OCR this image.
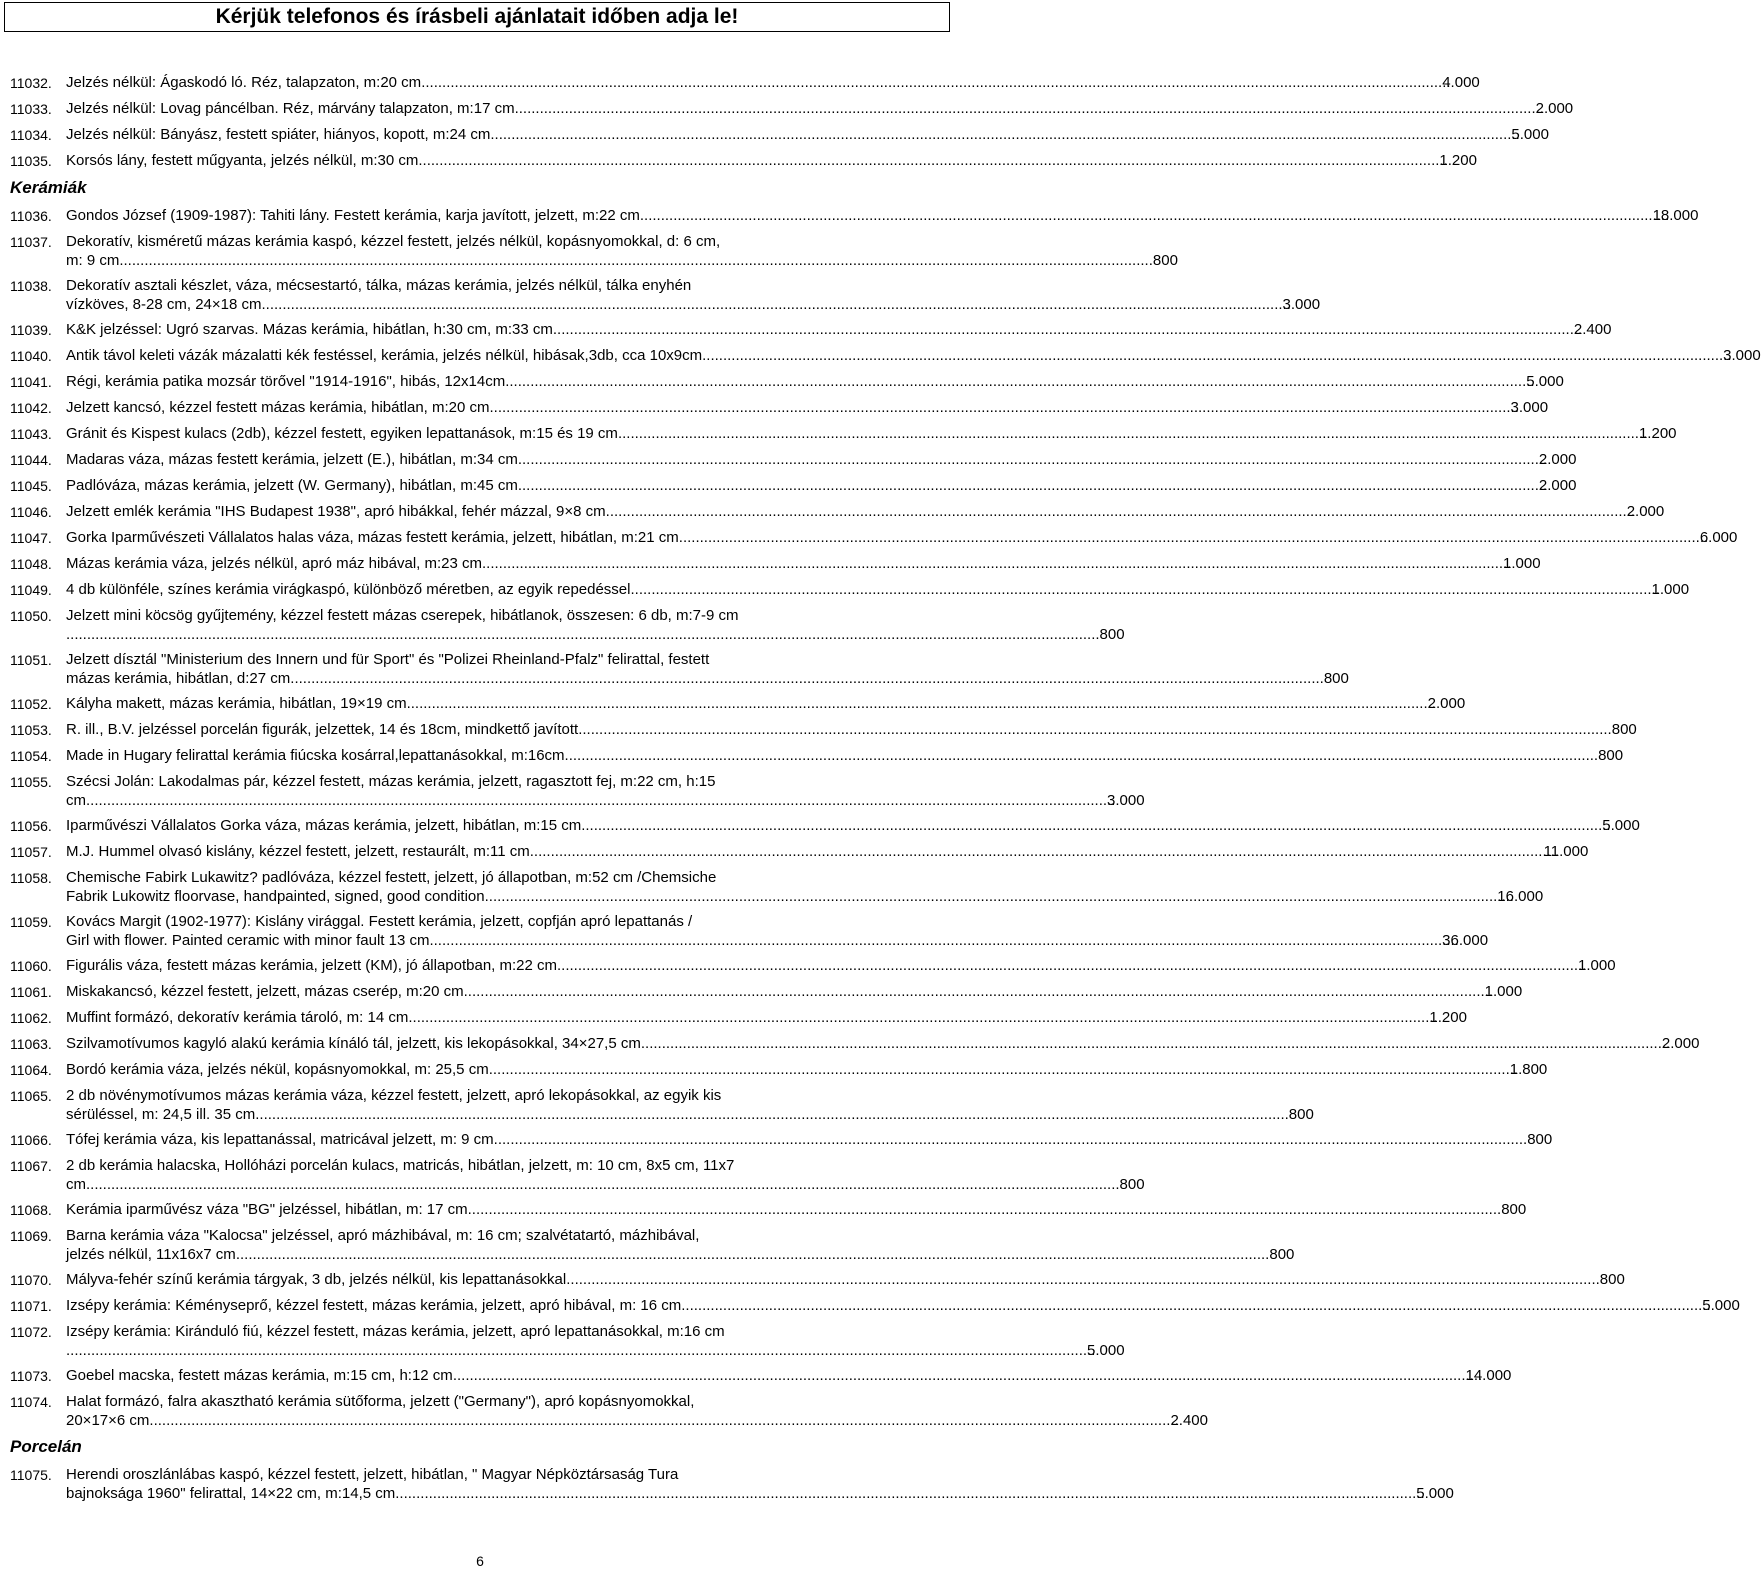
Kérjük telefonos és írásbeli ajánlatait időben adja le!
11032. Jelzés nélkül: Ágaskodó ló. Réz, talapzaton, m:20 cm .....	4 000
11033. Jelzés nélkül: Lovag páncélban. Réz, márvány talapzaton, m:17 cm .....	2 000
11034. Jelzés nélkül: Bányász, festett spiáter, hiányos, kopott, m:24 cm .....	5 000
11035. Korsós lány, festett műgyanta, jelzés nélkül, m:30 cm .....	1 200
Kerámiák
11036. Gondos József (1909-1987): Tahiti lány. Festett kerámia, karja javított, jelzett, m:22 cm .....	18 000
11037. Dekoratív, kisméretű mázas kerámia kaspó, kézzel festett, jelzés nélkül, kopásnyomokkal, d: 6 cm,
m: 9 cm .....	800
11038. Dekoratív asztali készlet, váza, mécsestartó, tálka, mázas kerámia, jelzés nélkül, tálka enyhén
vízköves, 8-28 cm, 24×18 cm .....	3 000
11039. K&K jelzéssel: Ugró szarvas. Mázas kerámia, hibátlan, h:30 cm, m:33 cm .....	2 400
11040. Antik távol keleti vázák mázalatti kék festéssel, kerámia, jelzés nélkül, hibásak,3db, cca 10x9cm .....	3 000
11041. Régi, kerámia patika mozsár törővel "1914-1916", hibás, 12x14cm .....	5 000
11042. Jelzett kancsó, kézzel festett mázas kerámia, hibátlan, m:20 cm .....	3 000
11043. Gránit és Kispest kulacs (2db), kézzel festett, egyiken lepattanások, m:15 és 19 cm .....	1 200
11044. Madaras váza, mázas festett kerámia, jelzett (E.), hibátlan, m:34 cm .....	2 000
11045. Padlóváza, mázas kerámia, jelzett (W. Germany), hibátlan, m:45 cm .....	2 000
11046. Jelzett emlék kerámia "IHS Budapest 1938", apró hibákkal, fehér mázzal, 9×8 cm .....	2 000
11047. Gorka Iparművészeti Vállalatos halas váza, mázas festett kerámia, jelzett, hibátlan, m:21 cm .....	6 000
11048. Mázas kerámia váza, jelzés nélkül, apró máz hibával, m:23 cm .....	1 000
11049. 4 db különféle, színes kerámia virágkaspó, különböző méretben, az egyik repedéssel .....	1 000
11050. Jelzett mini köcsög gyűjtemény, kézzel festett mázas cserepek, hibátlanok, összesen: 6 db, m:7-9 cm
.....
800
11051. Jelzett dísztál "Ministerium des Innern und für Sport" és "Polizei Rheinland-Pfalz" felirattal, festett
mázas kerámia, hibátlan, d:27 cm .....	800
11052. Kályha makett, mázas kerámia, hibátlan, 19×19 cm .....	2 000
11053. R. ill., B.V. jelzéssel porcelán figurák, jelzettek, 14 és 18cm, mindkettő javított .....	800
11054. Made in Hugary felirattal kerámia fiúcska kosárral,lepattanásokkal, m:16cm .....	800
11055. Szécsi Jolán: Lakodalmas pár, kézzel festett, mázas kerámia, jelzett, ragasztott fej, m:22 cm, h:15
cm .....	3 000
11056. Iparművészi Vállalatos Gorka váza, mázas kerámia, jelzett, hibátlan, m:15 cm .....	5 000
11057. M.J. Hummel olvasó kislány, kézzel festett, jelzett, restaurált, m:11 cm .....	11 000
11058. Chemische Fabirk Lukawitz? padlóváza, kézzel festett, jelzett, jó állapotban, m:52 cm /Chemsiche
Fabrik Lukowitz floorvase, handpainted, signed, good condition .....	16 000
11059. Kovács Margit (1902-1977): Kislány virággal. Festett kerámia, jelzett, copfján apró lepattanás /
Girl with flower. Painted ceramic with minor fault 13 cm .....	36 000
11060. Figurális váza, festett mázas kerámia, jelzett (KM), jó állapotban, m:22 cm .....	1 000
11061. Miskakancsó, kézzel festett, jelzett, mázas cserép, m:20 cm .....	1 000
11062. Muffint formázó, dekoratív kerámia tároló, m: 14 cm .....	1 200
11063. Szilvamotívumos kagyló alakú kerámia kínáló tál, jelzett, kis lekopásokkal, 34×27,5 cm .....	2 000
11064. Bordó kerámia váza, jelzés nékül, kopásnyomokkal, m: 25,5 cm .....	1 800
11065. 2 db növénymotívumos mázas kerámia váza, kézzel festett, jelzett, apró lekopásokkal, az egyik kis
sérüléssel, m: 24,5 ill. 35 cm .....	800
11066. Tófej kerámia váza, kis lepattanással, matricával jelzett, m: 9 cm .....	800
11067. 2 db kerámia halacska, Hollóházi porcelán kulacs, matricás, hibátlan, jelzett, m: 10 cm, 8x5 cm, 11x7
cm .....	800
11068. Kerámia iparművész váza "BG" jelzéssel, hibátlan, m: 17 cm .....	800
11069. Barna kerámia váza "Kalocsa" jelzéssel, apró mázhibával, m: 16 cm; szalvétatartó, mázhibával,
jelzés nélkül, 11x16x7 cm .....	800
11070. Mályva-fehér színű kerámia tárgyak, 3 db, jelzés nélkül, kis lepattanásokkal .....	800
11071. Izsépy kerámia: Kéményseprő, kézzel festett, mázas kerámia, jelzett, apró hibával, m: 16 cm .....	5 000
11072. Izsépy kerámia: Kiránduló fiú, kézzel festett, mázas kerámia, jelzett, apró lepattanásokkal, m:16 cm
.....
5 000
11073. Goebel macska, festett mázas kerámia, m:15 cm, h:12 cm .....	14 000
11074. Halat formázó, falra akasztható kerámia sütőforma, jelzett ("Germany"), apró kopásnyomokkal,
20×17×6 cm .....	2 400
Porcelán
11075. Herendi oroszlánlábas kaspó, kézzel festett, jelzett, hibátlan, " Magyar Népköztársaság Tura
bajnoksága 1960" felirattal, 14×22 cm, m:14,5 cm .....	5 000
6
